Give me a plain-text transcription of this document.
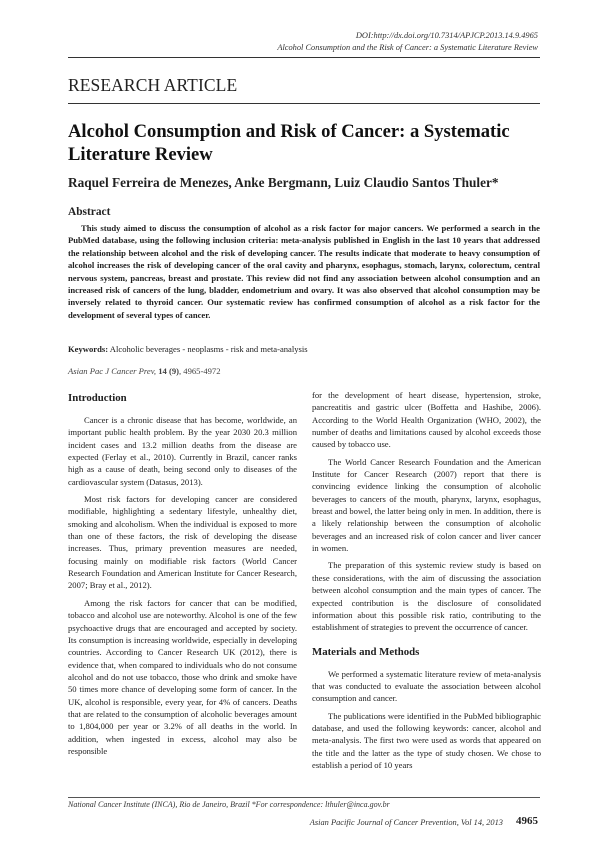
DOI:http://dx.doi.org/10.7314/APJCP.2013.14.9.4965
Alcohol Consumption and the Risk of Cancer: a Systematic Literature Review
RESEARCH ARTICLE
Alcohol Consumption and Risk of Cancer: a Systematic Literature Review
Raquel Ferreira de Menezes, Anke Bergmann, Luiz Claudio Santos Thuler*
Abstract
This study aimed to discuss the consumption of alcohol as a risk factor for major cancers. We performed a search in the PubMed database, using the following inclusion criteria: meta-analysis published in English in the last 10 years that addressed the relationship between alcohol and the risk of developing cancer. The results indicate that moderate to heavy consumption of alcohol increases the risk of developing cancer of the oral cavity and pharynx, esophagus, stomach, larynx, colorectum, central nervous system, pancreas, breast and prostate. This review did not find any association between alcohol consumption and an increased risk of cancers of the lung, bladder, endometrium and ovary. It was also observed that alcohol consumption may be inversely related to thyroid cancer. Our systematic review has confirmed consumption of alcohol as a risk factor for the development of several types of cancer.
Keywords: Alcoholic beverages - neoplasms - risk and meta-analysis
Asian Pac J Cancer Prev, 14 (9), 4965-4972
Introduction

Cancer is a chronic disease that has become, worldwide, an important public health problem. By the year 2030 20.3 million incident cases and 13.2 million deaths from the disease are expected (Ferlay et al., 2010). Currently in Brazil, cancer ranks high as a cause of death, being second only to diseases of the cardiovascular system (Datasus, 2013).

Most risk factors for developing cancer are considered modifiable, highlighting a sedentary lifestyle, unhealthy diet, smoking and alcoholism. When the individual is exposed to more than one of these factors, the risk of developing the disease increases. Thus, primary prevention measures are needed, focusing mainly on modifiable risk factors (World Cancer Research Foundation and American Institute for Cancer Research, 2007; Bray et al., 2012).

Among the risk factors for cancer that can be modified, tobacco and alcohol use are noteworthy. Alcohol is one of the few psychoactive drugs that are encouraged and accepted by society. Its consumption is increasing worldwide, especially in developing countries. According to Cancer Research UK (2012), there is evidence that, when compared to individuals who do not consume alcohol and do not use tobacco, those who drink and smoke have 50 times more chance of developing some form of cancer. In the UK, alcohol is responsible, every year, for 4% of cancers. Deaths that are related to the consumption of alcoholic beverages amount to 1,804,000 per year or 3.2% of all deaths in the world. In addition, when ingested in excess, alcohol may also be responsible

for the development of heart disease, hypertension, stroke, pancreatitis and gastric ulcer (Boffetta and Hashibe, 2006). According to the World Health Organization (WHO, 2002), the number of deaths and limitations caused by alcohol exceeds those caused by tobacco use.

The World Cancer Research Foundation and the American Institute for Cancer Research (2007) report that there is convincing evidence linking the consumption of alcoholic beverages to cancers of the mouth, pharynx, larynx, esophagus, breast and bowel, the latter being only in men. In addition, there is a likely relationship between the consumption of alcoholic beverages and an increased risk of colon cancer and liver cancer in women.

The preparation of this systemic review study is based on these considerations, with the aim of discussing the association between alcohol consumption and the main types of cancer. The expected contribution is the disclosure of consolidated information about this possible risk ratio, contributing to the establishment of strategies to prevent the occurrence of cancer.

Materials and Methods

We performed a systematic literature review of meta-analysis that was conducted to evaluate the association between alcohol consumption and cancer.

The publications were identified in the PubMed bibliographic database, and used the following keywords: cancer, alcohol and meta-analysis. The first two were used as words that appeared on the title and the latter as the type of study chosen. We chose to establish a period of 10 years

National Cancer Institute (INCA), Rio de Janeiro, Brazil *For correspondence: lthuler@inca.gov.br
Asian Pacific Journal of Cancer Prevention, Vol 14, 2013 4965
